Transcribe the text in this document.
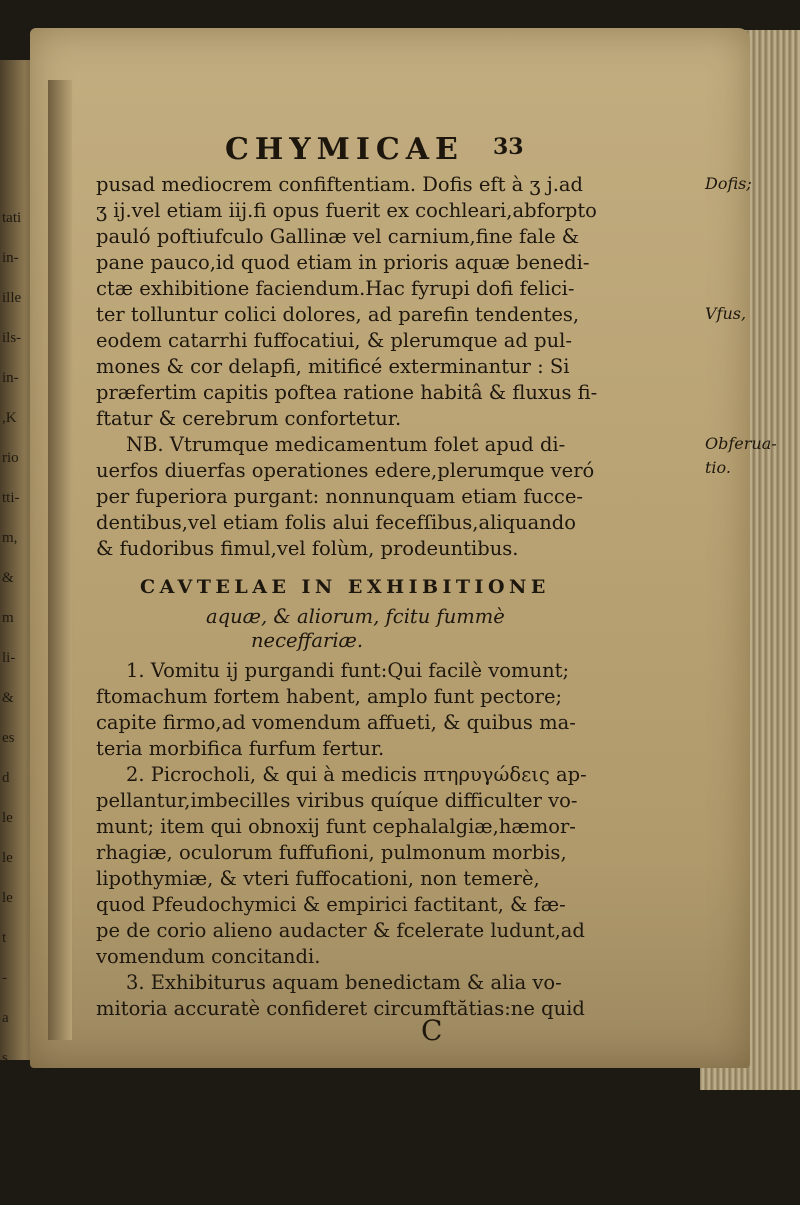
tati
in-
ille
ils-
in-
,K
rio
tti-
m,
&
m
li-
&
es
d
le
le
le
t
-
a
s
CHYMICAE 33
pusad mediocrem confiftentiam. Dofis eft à ʒ j.ad
ʒ ij.vel etiam iij.fi opus fuerit ex cochleari,abforpto
pauló poftiufculo Gallinæ vel carnium,fine fale &
pane pauco,id quod etiam in prioris aquæ benedi-
ctæ exhibitione faciendum.Hac fyrupi dofi felici-
ter tolluntur colici dolores, ad parefin tendentes,
eodem catarrhi fuffocatiui, & plerumque ad pul-
mones & cor delapfi, mitificé exterminantur : Si
præfertim capitis poftea ratione habitâ & fluxus fi-
ftatur & cerebrum confortetur.
NB. Vtrumque medicamentum folet apud di-
uerfos diuerfas operationes edere,plerumque veró
per fuperiora purgant: nonnunquam etiam fucce-
dentibus,vel etiam folis alui fecefſibus,aliquando
& fudoribus fimul,vel folùm, prodeuntibus.
CAVTELAE IN EXHIBITIONE
aquæ, & aliorum, fcitu fummè
neceffariæ.
1. Vomitu ij purgandi funt:Qui facilè vomunt;
ftomachum fortem habent, amplo funt pectore;
capite firmo,ad vomendum affueti, & quibus ma-
teria morbifica furfum fertur.
2. Picrocholi, & qui à medicis πτηρυγώδεις ap-
pellantur,imbecilles viribus quíque difficulter vo-
munt; item qui obnoxij funt cephalalgiæ,hæmor-
rhagiæ, oculorum fuffufioni, pulmonum morbis,
lipothymiæ, & vteri fuffocationi, non temerè,
quod Pfeudochymici & empirici factitant, & fæ-
pe de corio alieno audacter & fcelerate ludunt,ad
vomendum concitandi.
3. Exhibiturus aquam benedictam & alia vo-
mitoria accuratè confideret circumftătias:ne quid
C
Dofis;
Vfus,
Obferua-
tio.
